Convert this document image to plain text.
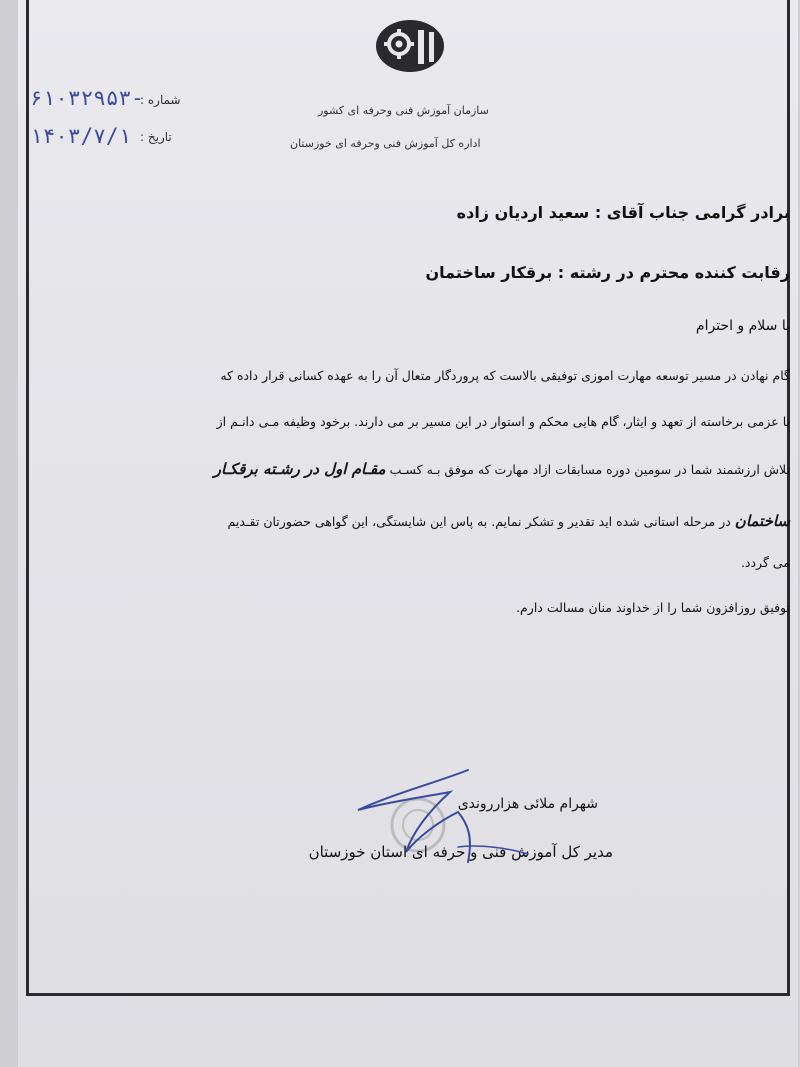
شماره :
۶۱۰۳۲۹۵۳-
تاریخ :
۱۴۰۳/۷/۱
سازمان آموزش فنی وحرفه ای کشور
اداره کل آموزش فنی وحرفه ای خوزستان
برادر گرامی جناب آقای : سعید اردیان زاده
رقابت کننده محترم در رشته : برقکار ساختمان
با سلام و احترام
گام نهادن در مسیر توسعه مهارت اموزی توفیقی بالاست که پروردگار متعال آن را به عهده کسانی قرار داده که
با عزمی برخاسته از تعهد و ایثار، گام هایی محکم و استوار در این مسیر بر می دارند. برخود وظیفه مـی دانـم از
تلاش ارزشمند شما در سومین دوره مسابقات ازاد مهارت که موفق بـه کسـب مقـام اول در رشـته برقکـار
ساختمان در مرحله استانی شده اید تقدیر و تشکر نمایم. به پاس این شایستگی، این گواهی حضورتان تقـدیم
می گردد.
توفیق روزافزون شما را از خداوند منان مسالت دارم.
شهرام ملائی هزارروندی
مدیر کل آموزش فنی و حرفه ای استان خوزستان
